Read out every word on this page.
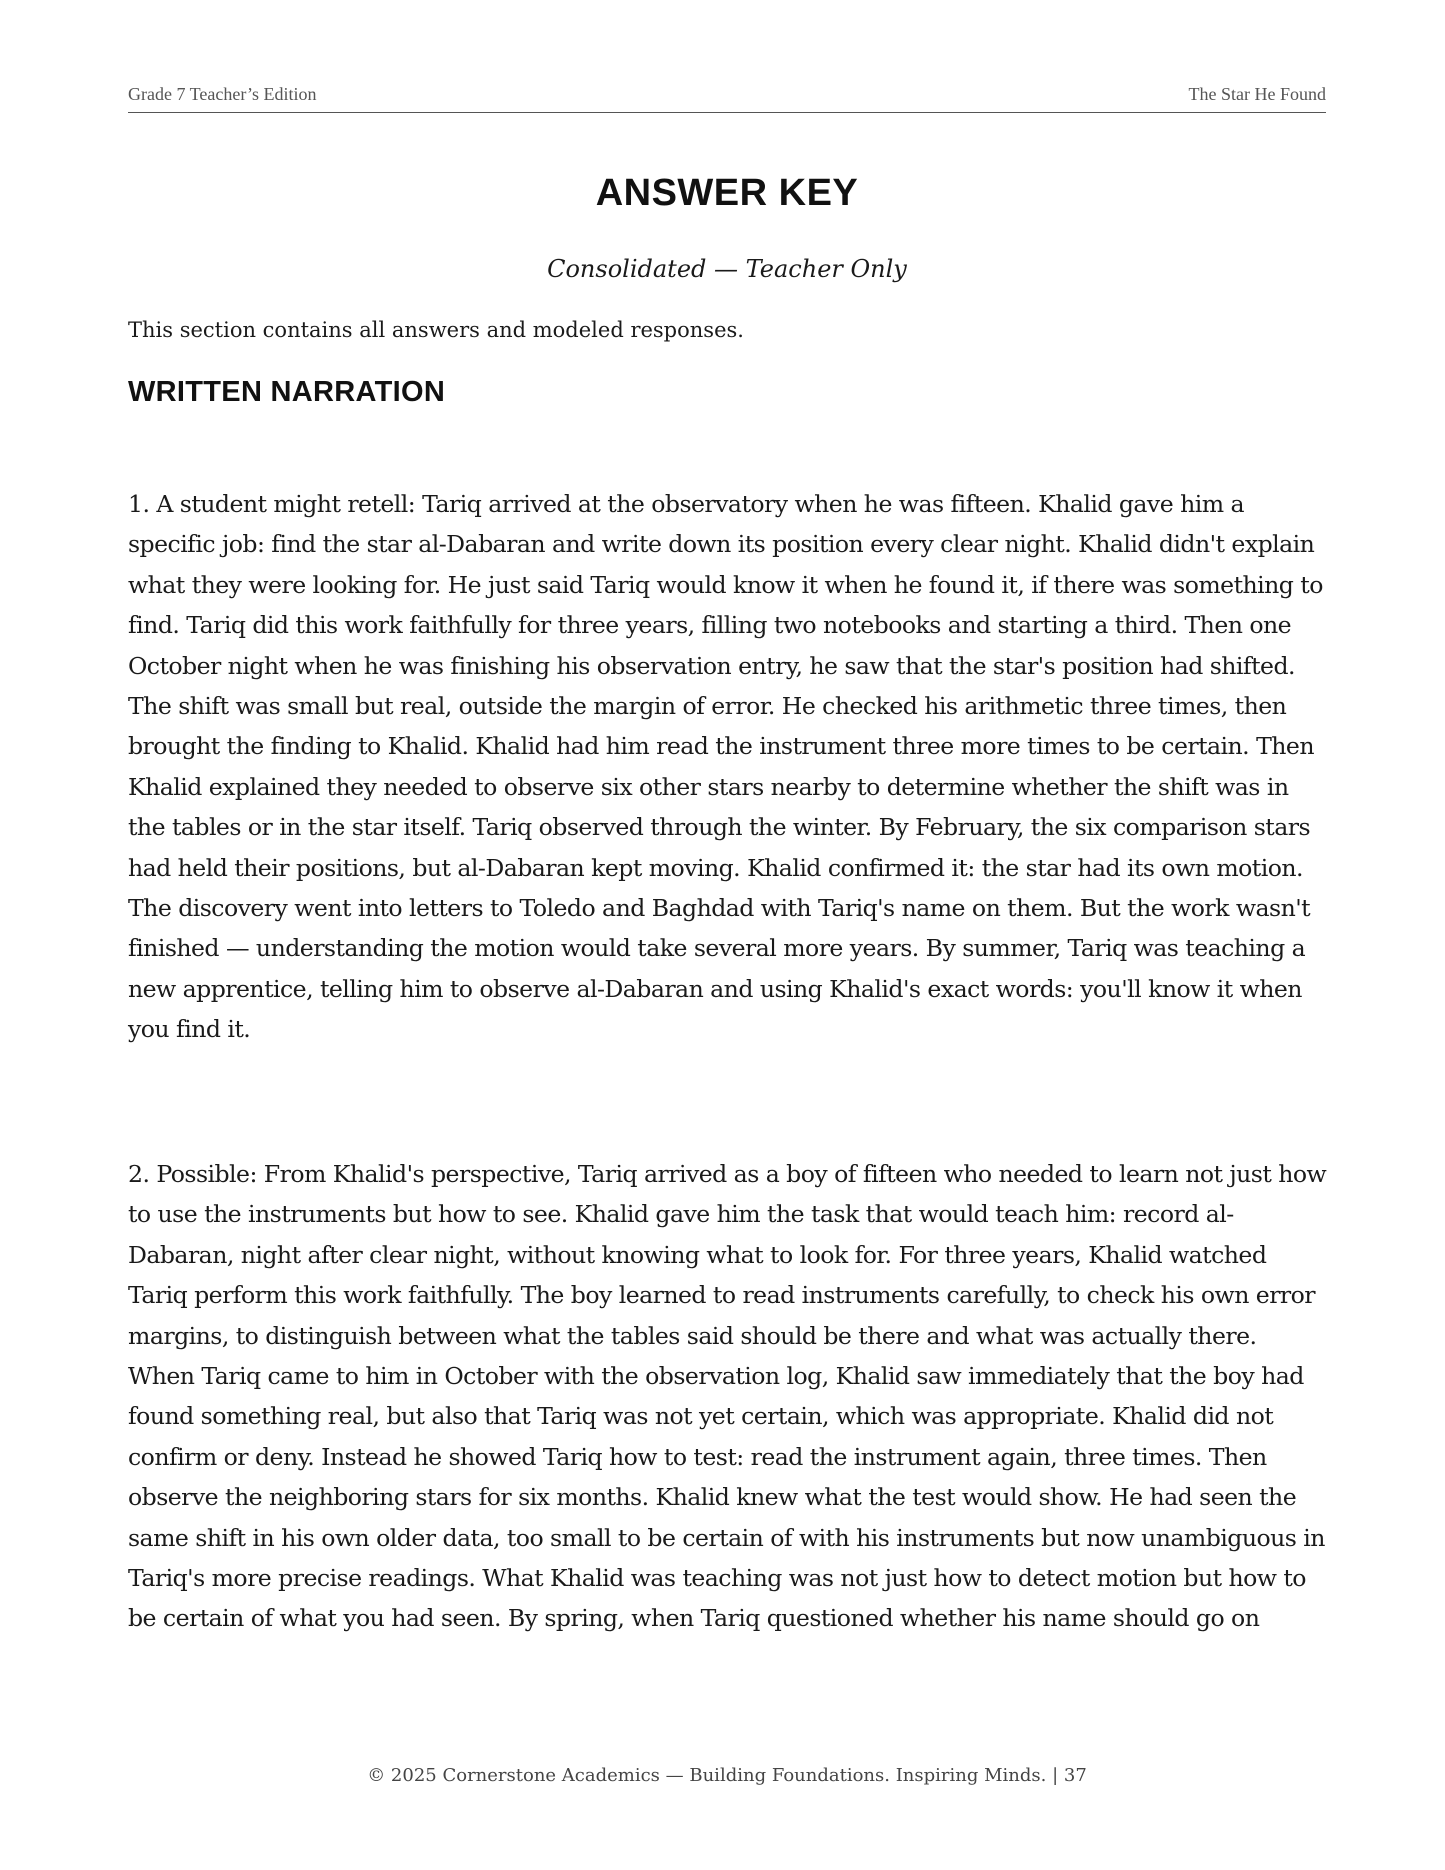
Grade 7 Teacher’s Edition	The Star He Found
ANSWER KEY

Consolidated — Teacher Only

This section contains all answers and modeled responses.

WRITTEN NARRATION

1. A student might retell: Tariq arrived at the observatory when he was fifteen. Khalid gave him a specific job: find the star al-Dabaran and write down its position every clear night. Khalid didn't explain what they were looking for. He just said Tariq would know it when he found it, if there was something to find. Tariq did this work faithfully for three years, filling two notebooks and starting a third. Then one October night when he was finishing his observation entry, he saw that the star's position had shifted. The shift was small but real, outside the margin of error. He checked his arithmetic three times, then brought the finding to Khalid. Khalid had him read the instrument three more times to be certain. Then Khalid explained they needed to observe six other stars nearby to determine whether the shift was in the tables or in the star itself. Tariq observed through the winter. By February, the six comparison stars had held their positions, but al-Dabaran kept moving. Khalid confirmed it: the star had its own motion. The discovery went into letters to Toledo and Baghdad with Tariq's name on them. But the work wasn't finished — understanding the motion would take several more years. By summer, Tariq was teaching a new apprentice, telling him to observe al-Dabaran and using Khalid's exact words: you'll know it when you find it.

2. Possible: From Khalid's perspective, Tariq arrived as a boy of fifteen who needed to learn not just how to use the instruments but how to see. Khalid gave him the task that would teach him: record al-Dabaran, night after clear night, without knowing what to look for. For three years, Khalid watched Tariq perform this work faithfully. The boy learned to read instruments carefully, to check his own error margins, to distinguish between what the tables said should be there and what was actually there. When Tariq came to him in October with the observation log, Khalid saw immediately that the boy had found something real, but also that Tariq was not yet certain, which was appropriate. Khalid did not confirm or deny. Instead he showed Tariq how to test: read the instrument again, three times. Then observe the neighboring stars for six months. Khalid knew what the test would show. He had seen the same shift in his own older data, too small to be certain of with his instruments but now unambiguous in Tariq's more precise readings. What Khalid was teaching was not just how to detect motion but how to be certain of what you had seen. By spring, when Tariq questioned whether his name should go on

© 2025 Cornerstone Academics — Building Foundations. Inspiring Minds. | 37
